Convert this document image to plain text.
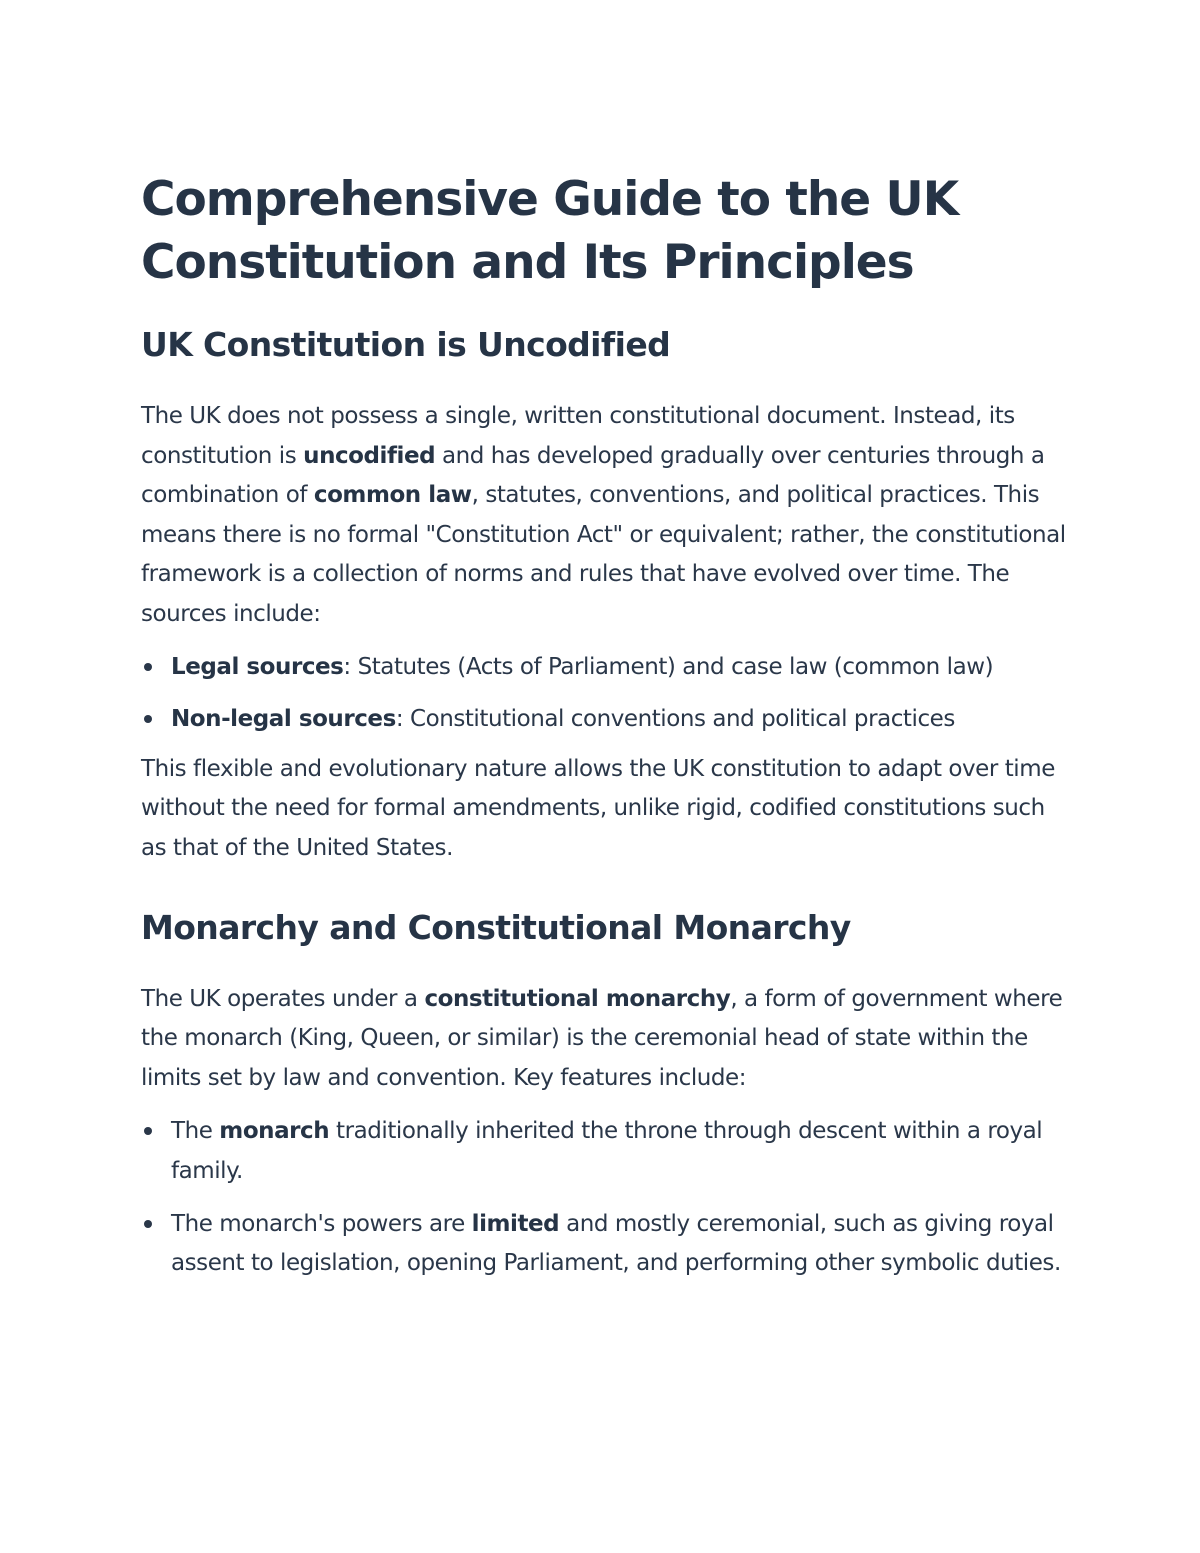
Comprehensive Guide to the UK Constitution and Its Principles
UK Constitution is Uncodified

The UK does not possess a single, written constitutional document. Instead, its constitution is uncodified and has developed gradually over centuries through a combination of common law, statutes, conventions, and political practices. This means there is no formal "Constitution Act" or equivalent; rather, the constitutional framework is a collection of norms and rules that have evolved over time. The sources include:

Legal sources: Statutes (Acts of Parliament) and case law (common law)
Non-legal sources: Constitutional conventions and political practices

This flexible and evolutionary nature allows the UK constitution to adapt over time without the need for formal amendments, unlike rigid, codified constitutions such as that of the United States.

Monarchy and Constitutional Monarchy

The UK operates under a constitutional monarchy, a form of government where the monarch (King, Queen, or similar) is the ceremonial head of state within the limits set by law and convention. Key features include:

The monarch traditionally inherited the throne through descent within a royal family.
The monarch's powers are limited and mostly ceremonial, such as giving royal assent to legislation, opening Parliament, and performing other symbolic duties.
